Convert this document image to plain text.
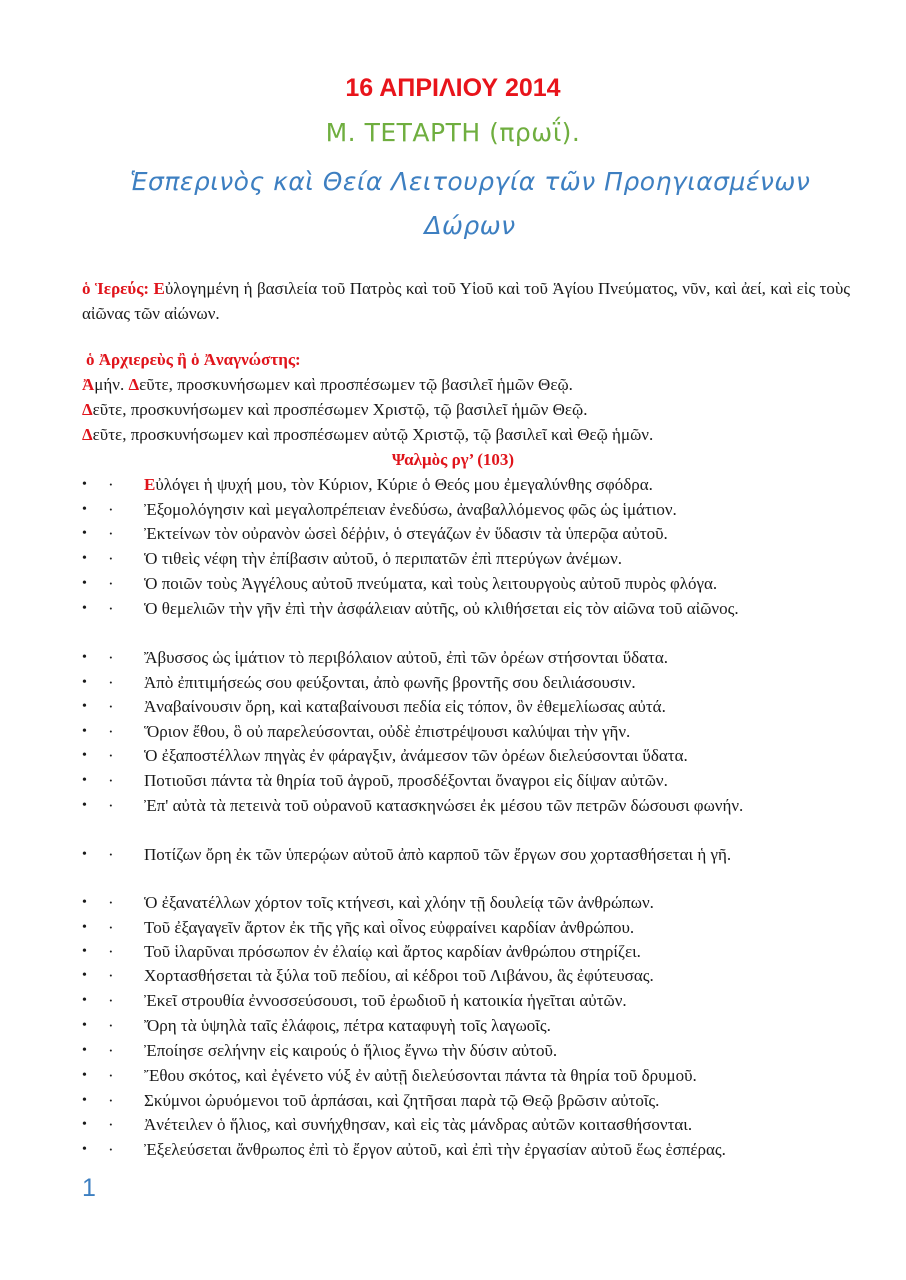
16 ΑΠΡΙΛΙΟΥ 2014
Μ. ΤΕΤΑΡΤΗ (πρωΐ).
Ἑσπερινὸς καὶ Θεία Λειτουργία τῶν Προηγιασμένων Δώρων
ὁ Ἱερεύς: Εὐλογημένη ἡ βασιλεία τοῦ Πατρὸς καὶ τοῦ Υἱοῦ καὶ τοῦ Ἁγίου Πνεύματος, νῦν, καὶ ἀεί, καὶ εἰς τοὺς αἰῶνας τῶν αἰώνων.
ὁ Ἀρχιερεὺς ἢ ὁ Ἀναγνώστης:
Ἀμήν. Δεῦτε, προσκυνήσωμεν καὶ προσπέσωμεν τῷ βασιλεῖ ἡμῶν Θεῷ.
Δεῦτε, προσκυνήσωμεν καὶ προσπέσωμεν Χριστῷ, τῷ βασιλεῖ ἡμῶν Θεῷ.
Δεῦτε, προσκυνήσωμεν καὶ προσπέσωμεν αὐτῷ Χριστῷ, τῷ βασιλεῖ καὶ Θεῷ ἡμῶν.
Ψαλμὸς ργ’ (103)
• ·	Εὐλόγει ἡ ψυχή μου, τὸν Κύριον, Κύριε ὁ Θεός μου ἐμεγαλύνθης σφόδρα.
• ·	Ἐξομολόγησιν καὶ μεγαλοπρέπειαν ἐνεδύσω, ἀναβαλλόμενος φῶς ὡς ἱμάτιον.
• ·	Ἐκτείνων τὸν οὐρανὸν ὡσεὶ δέῤῥιν, ὁ στεγάζων ἐν ὕδασιν τὰ ὑπερῷα αὐτοῦ.
• ·	Ὁ τιθεὶς νέφη τὴν ἐπίβασιν αὐτοῦ, ὁ περιπατῶν ἐπὶ πτερύγων ἀνέμων.
• ·	Ὁ ποιῶν τοὺς Ἀγγέλους αὐτοῦ πνεύματα, καὶ τοὺς λειτουργοὺς αὐτοῦ πυρὸς φλόγα.
• ·	Ὁ θεμελιῶν τὴν γῆν ἐπὶ τὴν ἀσφάλειαν αὐτῆς, οὐ κλιθήσεται εἰς τὸν αἰῶνα τοῦ αἰῶνος.
• ·	Ἄβυσσος ὡς ἱμάτιον τὸ περιβόλαιον αὐτοῦ, ἐπὶ τῶν ὀρέων στήσονται ὕδατα.
• ·	Ἀπὸ ἐπιτιμήσεώς σου φεύξονται, ἀπὸ φωνῆς βροντῆς σου δειλιάσουσιν.
• ·	Ἀναβαίνουσιν ὄρη, καὶ καταβαίνουσι πεδία εἰς τόπον, ὃν ἐθεμελίωσας αὐτά.
• ·	Ὅριον ἔθου, ὃ οὐ παρελεύσονται, οὐδὲ ἐπιστρέψουσι καλύψαι τὴν γῆν.
• ·	Ὁ ἐξαποστέλλων πηγὰς ἐν φάραγξιν, ἀνάμεσον τῶν ὀρέων διελεύσονται ὕδατα.
• ·	Ποτιοῦσι πάντα τὰ θηρία τοῦ ἀγροῦ, προσδέξονται ὄναγροι εἰς δίψαν αὐτῶν.
• ·	Ἐπ' αὐτὰ τὰ πετεινὰ τοῦ οὐρανοῦ κατασκηνώσει ἐκ μέσου τῶν πετρῶν δώσουσι φωνήν.
• ·	Ποτίζων ὄρη ἐκ τῶν ὑπερῴων αὐτοῦ ἀπὸ καρποῦ τῶν ἔργων σου χορτασθήσεται ἡ γῆ.
• ·	Ὁ ἐξανατέλλων χόρτον τοῖς κτήνεσι, καὶ χλόην τῇ δουλείᾳ τῶν ἀνθρώπων.
• ·	Τοῦ ἐξαγαγεῖν ἄρτον ἐκ τῆς γῆς καὶ οἶνος εὐφραίνει καρδίαν ἀνθρώπου.
• ·	Τοῦ ἱλαρῦναι πρόσωπον ἐν ἐλαίῳ καὶ ἄρτος καρδίαν ἀνθρώπου στηρίζει.
• ·	Χορτασθήσεται τὰ ξύλα τοῦ πεδίου, αἱ κέδροι τοῦ Λιβάνου, ἃς ἐφύτευσας.
• ·	Ἐκεῖ στρουθία ἐννοσσεύσουσι, τοῦ ἐρωδιοῦ ἡ κατοικία ἡγεῖται αὐτῶν.
• ·	Ὄρη τὰ ὑψηλὰ ταῖς ἐλάφοις, πέτρα καταφυγὴ τοῖς λαγωοῖς.
• ·	Ἐποίησε σελήνην εἰς καιρούς ὁ ἥλιος ἔγνω τὴν δύσιν αὐτοῦ.
• ·	Ἔθου σκότος, καὶ ἐγένετο νύξ ἐν αὐτῇ διελεύσονται πάντα τὰ θηρία τοῦ δρυμοῦ.
• ·	Σκύμνοι ὠρυόμενοι τοῦ ἁρπάσαι, καὶ ζητῆσαι παρὰ τῷ Θεῷ βρῶσιν αὐτοῖς.
• ·	Ἀνέτειλεν ὁ ἥλιος, καὶ συνήχθησαν, καὶ εἰς τὰς μάνδρας αὐτῶν κοιτασθήσονται.
• ·	Ἐξελεύσεται ἄνθρωπος ἐπὶ τὸ ἔργον αὐτοῦ, καὶ ἐπὶ τὴν ἐργασίαν αὐτοῦ ἕως ἑσπέρας.
1
